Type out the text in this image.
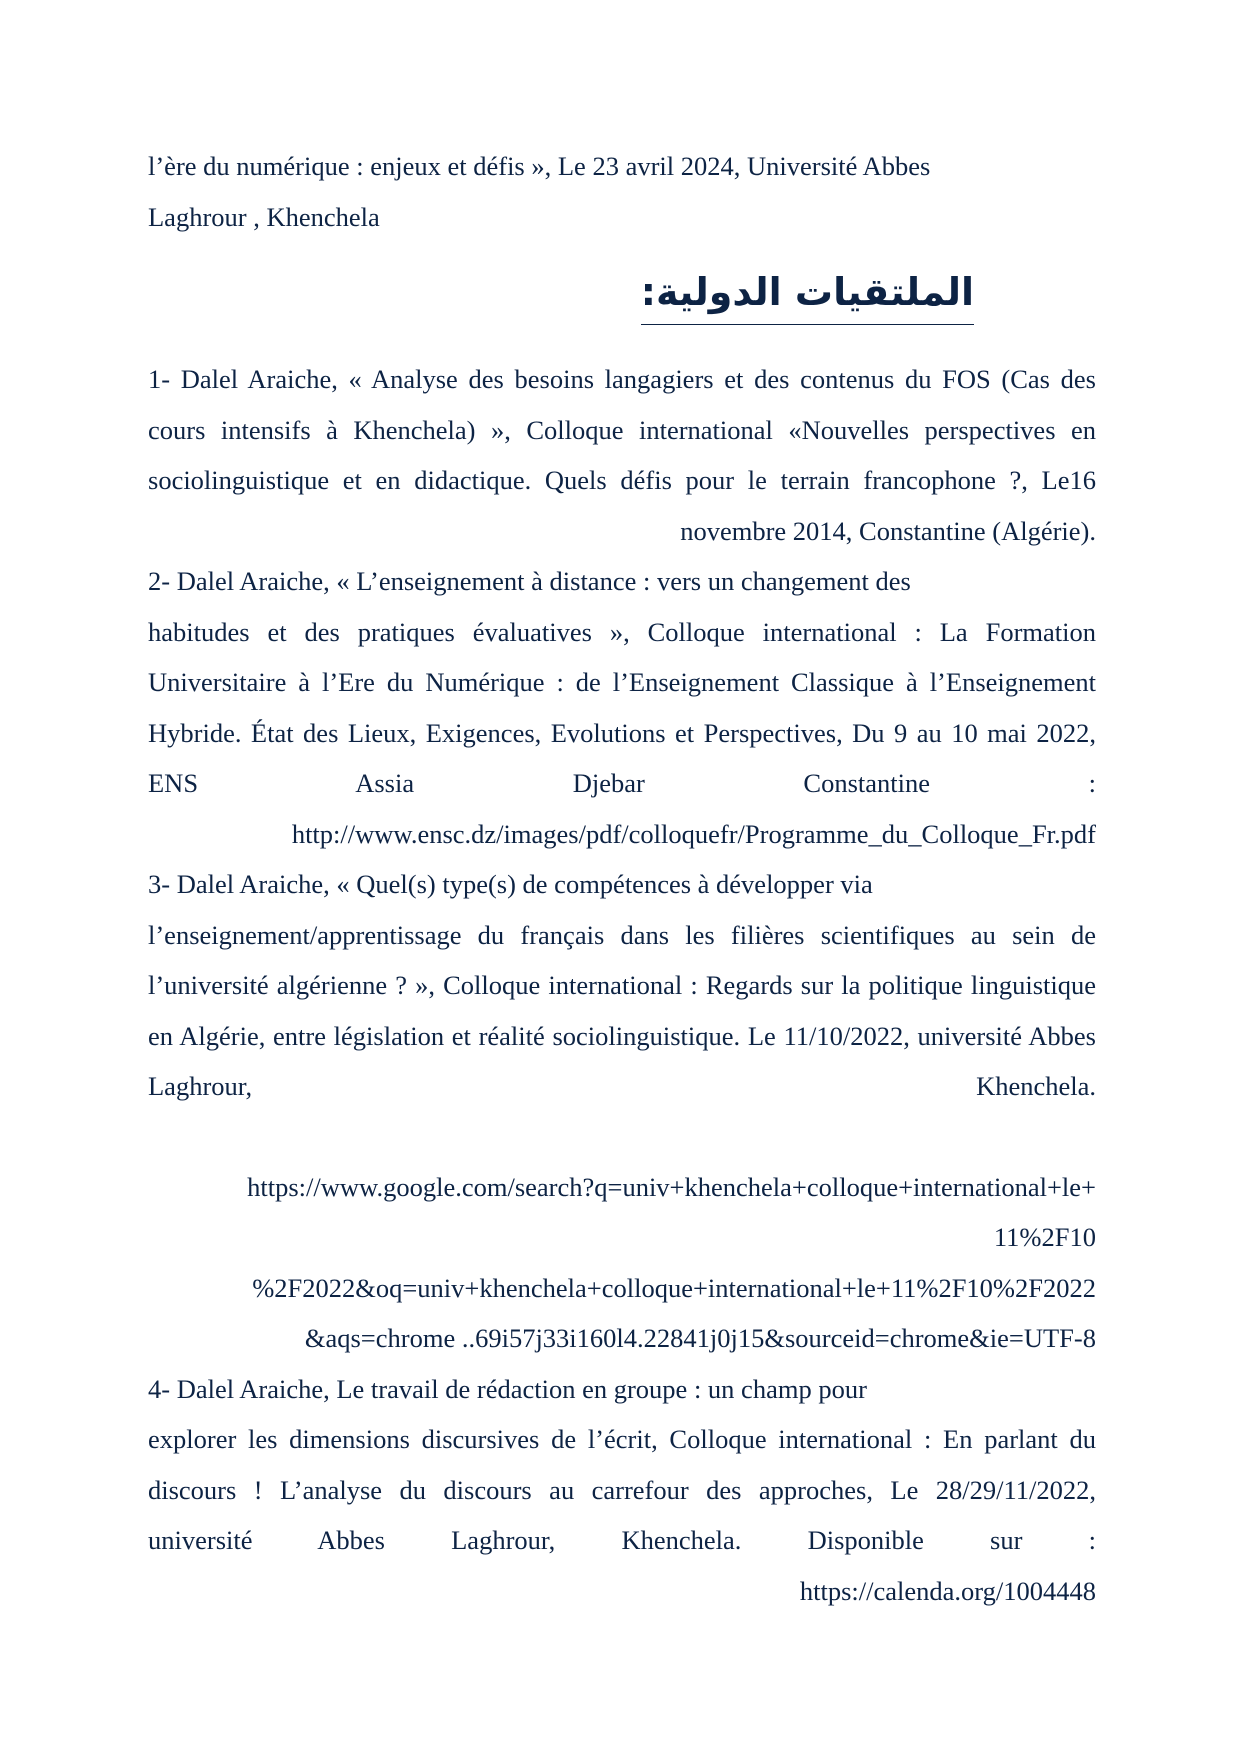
l’ère du numérique : enjeux et défis », Le 23 avril 2024, Université Abbes

Laghrour , Khenchela

الملتقيات الدولية:

1- Dalel Araiche, « Analyse des besoins langagiers et des contenus du FOS (Cas des cours intensifs à Khenchela) », Colloque international «Nouvelles perspectives en sociolinguistique et en didactique. Quels défis pour le terrain francophone ?, Le16 novembre 2014, Constantine (Algérie).

2- Dalel Araiche, « L’enseignement à distance : vers un changement des

habitudes et des pratiques évaluatives », Colloque international : La Formation Universitaire à l’Ere du Numérique : de l’Enseignement Classique à l’Enseignement Hybride. État des Lieux, Exigences, Evolutions et Perspectives, Du 9 au 10 mai 2022, ENS Assia Djebar Constantine :

http://www.ensc.dz/images/pdf/colloquefr/Programme_du_Colloque_Fr.pdf

3- Dalel Araiche, « Quel(s) type(s) de compétences à développer via

l’enseignement/apprentissage du français dans les filières scientifiques au sein de l’université algérienne ? », Colloque international : Regards sur la politique linguistique en Algérie, entre législation et réalité sociolinguistique. Le 11/10/2022, université Abbes Laghrour, Khenchela.

https://www.google.com/search?q=univ+khenchela+colloque+international+le+

11%2F10

%2F2022&oq=univ+khenchela+colloque+international+le+11%2F10%2F2022

&aqs=chrome ..69i57j33i160l4.22841j0j15&sourceid=chrome&ie=UTF-8

4- Dalel Araiche, Le travail de rédaction en groupe : un champ pour

explorer les dimensions discursives de l’écrit, Colloque international : En parlant du discours ! L’analyse du discours au carrefour des approches, Le 28/29/11/2022, université Abbes Laghrour, Khenchela. Disponible sur :

https://calenda.org/1004448
